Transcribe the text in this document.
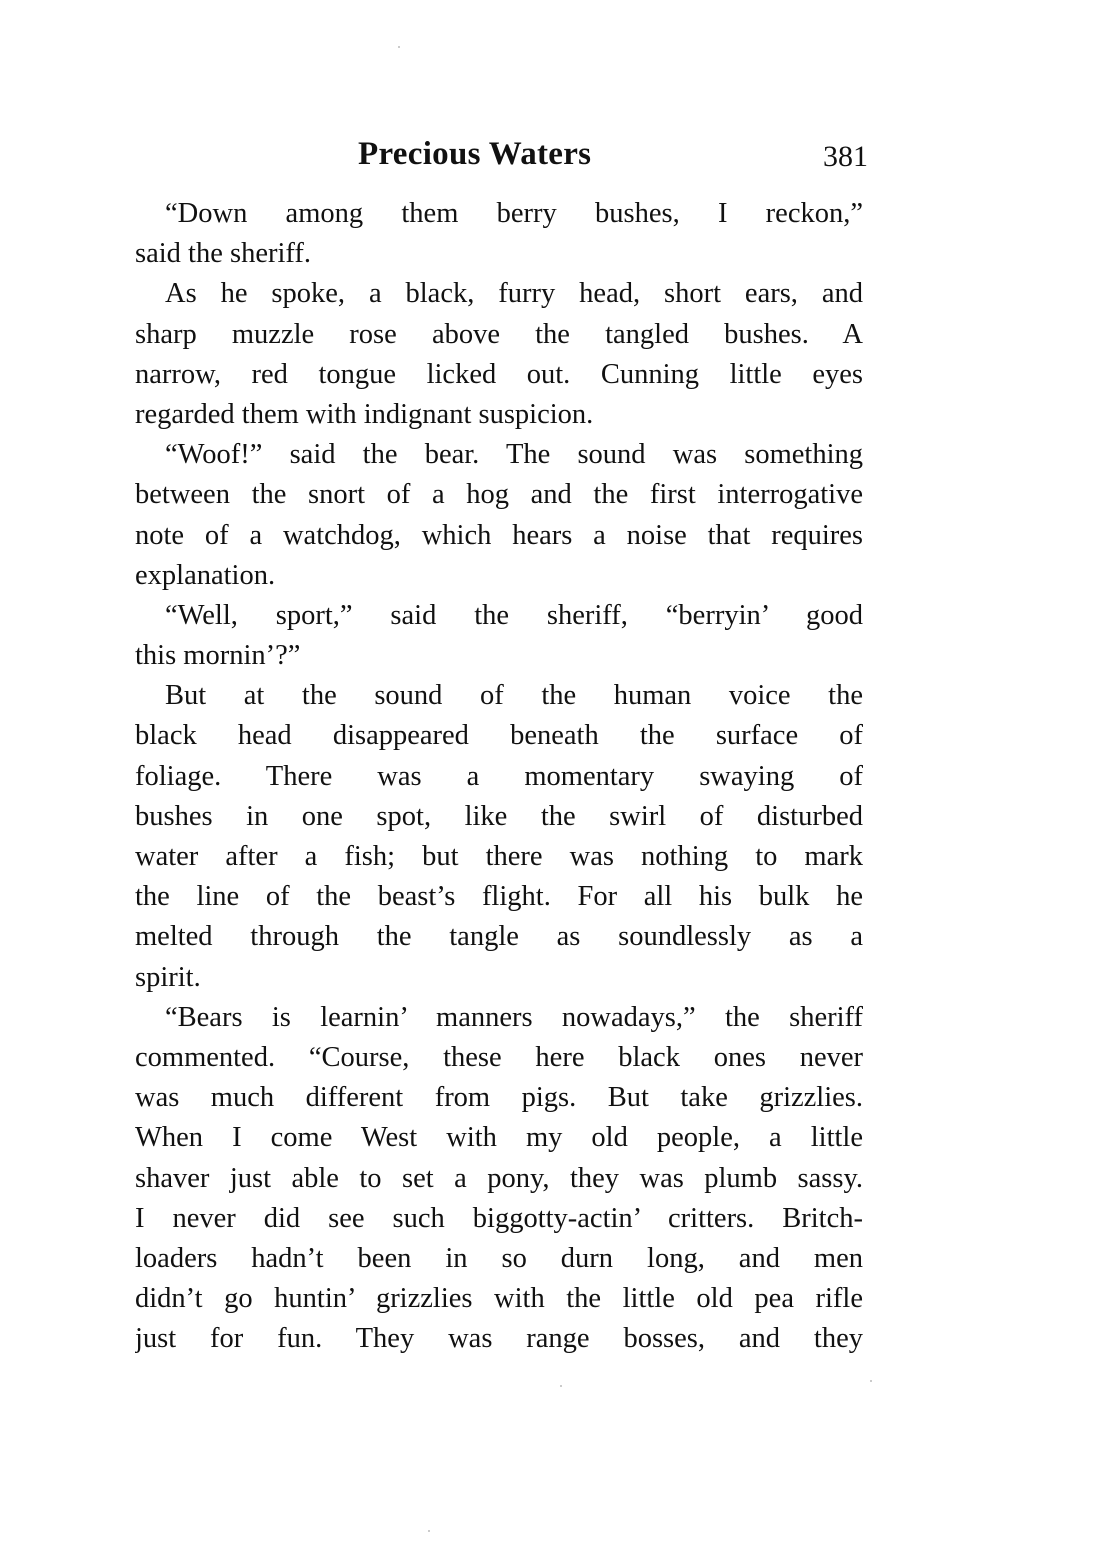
Precious Waters	381
“Down among them berry bushes, I reckon,”
said the sheriff.
As he spoke, a black, furry head, short ears, and
sharp muzzle rose above the tangled bushes. A
narrow, red tongue licked out. Cunning little eyes
regarded them with indignant suspicion.
“Woof!” said the bear. The sound was something
between the snort of a hog and the first interrogative
note of a watchdog, which hears a noise that requires
explanation.
“Well, sport,” said the sheriff, “berryin’ good
this mornin’?”
But at the sound of the human voice the
black head disappeared beneath the surface of
foliage. There was a momentary swaying of
bushes in one spot, like the swirl of disturbed
water after a fish; but there was nothing to mark
the line of the beast’s flight. For all his bulk he
melted through the tangle as soundlessly as a
spirit.
“Bears is learnin’ manners nowadays,” the sheriff
commented. “Course, these here black ones never
was much different from pigs. But take grizzlies.
When I come West with my old people, a little
shaver just able to set a pony, they was plumb sassy.
I never did see such biggotty-actin’ critters. Britch-
loaders hadn’t been in so durn long, and men
didn’t go huntin’ grizzlies with the little old pea rifle
just for fun. They was range bosses, and they
